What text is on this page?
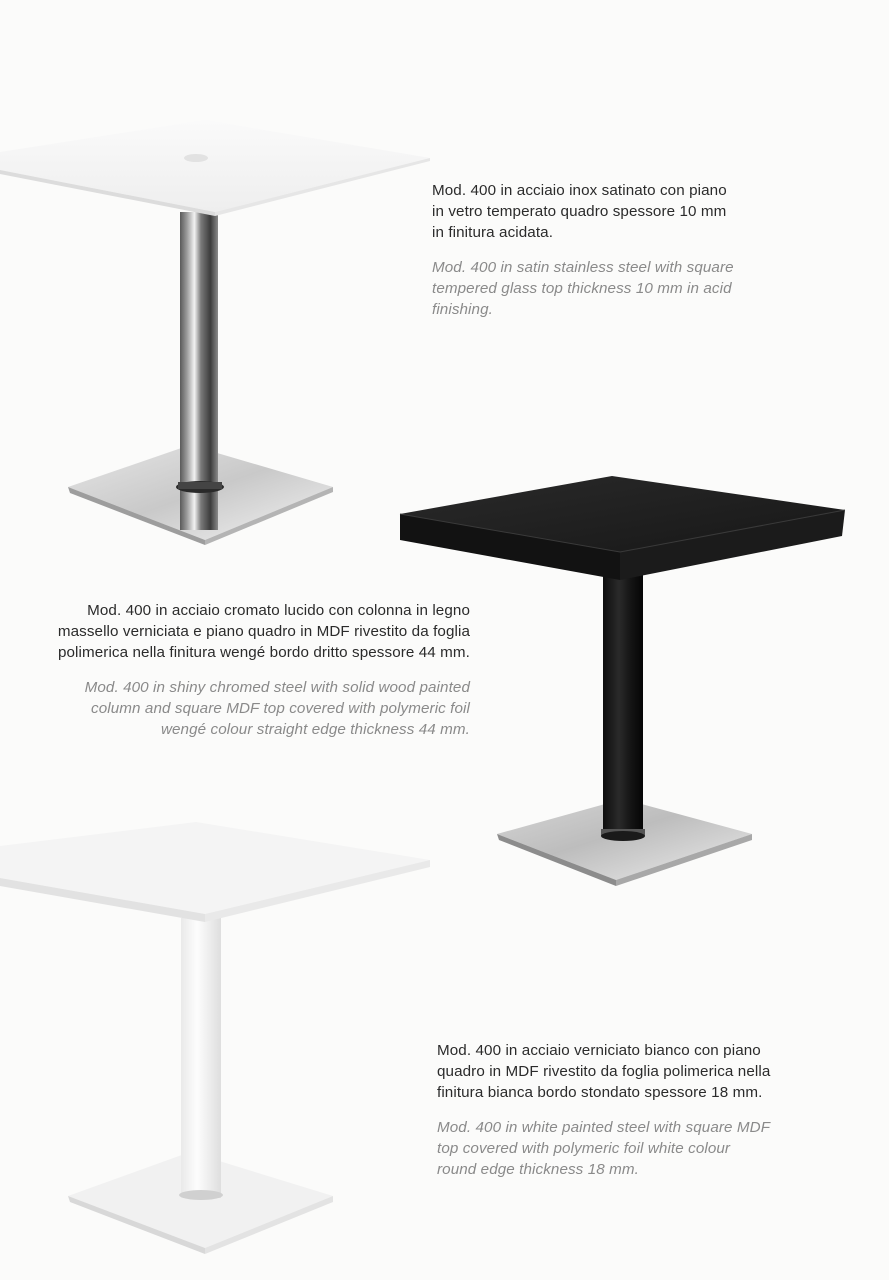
Mod. 400 in acciaio inox satinato con piano
in vetro temperato quadro spessore 10 mm
in finitura acidata.

Mod. 400 in satin stainless steel with square
tempered glass top thickness 10 mm in acid
finishing.

Mod. 400 in acciaio cromato lucido con colonna in legno
massello verniciata e piano quadro in MDF rivestito da foglia
polimerica nella finitura wengé bordo dritto spessore 44 mm.

Mod. 400 in shiny chromed steel with solid wood painted
column and square MDF top covered with polymeric foil
wengé colour straight edge thickness 44 mm.

Mod. 400 in acciaio verniciato bianco con piano
quadro in MDF rivestito da foglia polimerica nella
finitura bianca bordo stondato spessore 18 mm.

Mod. 400 in white painted steel with square MDF
top covered with polymeric foil white colour
round edge thickness 18 mm.
